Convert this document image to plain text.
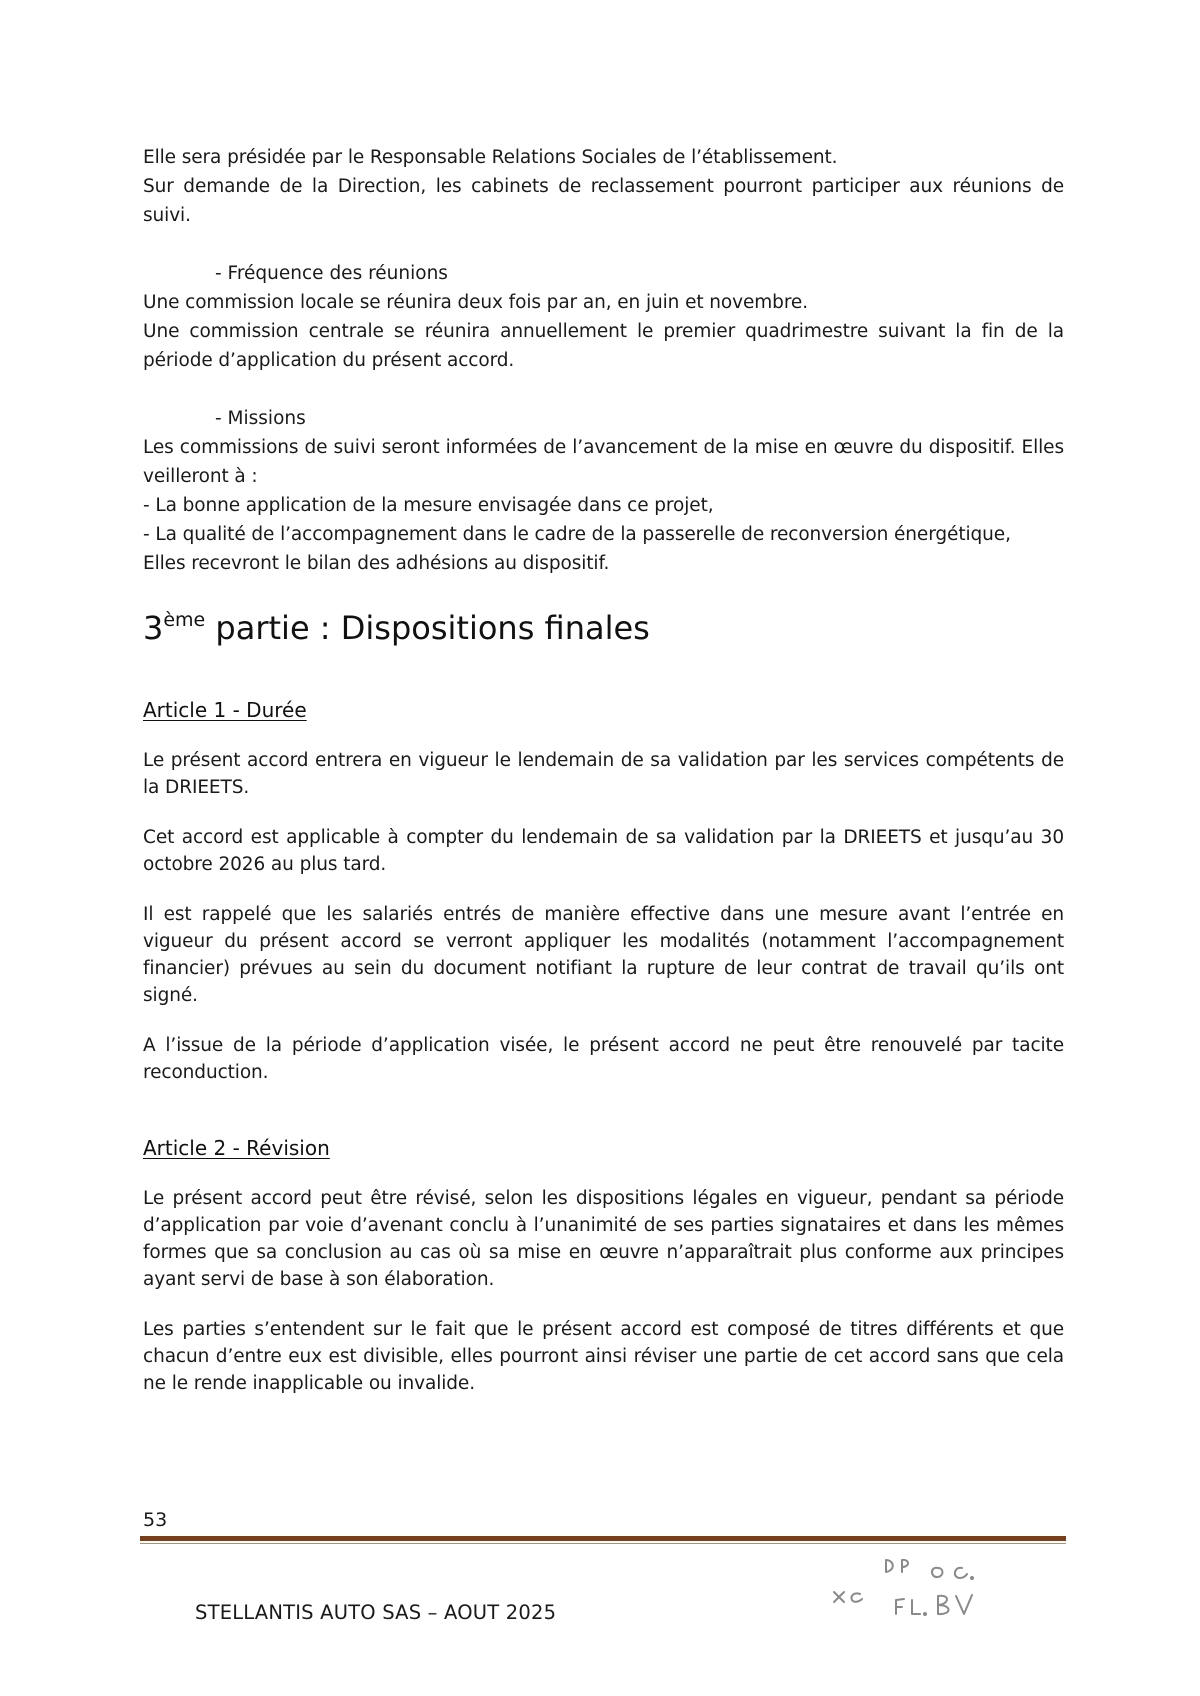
Elle sera présidée par le Responsable Relations Sociales de l’établissement.
Sur demande de la Direction, les cabinets de reclassement pourront participer aux réunions de suivi.

- Fréquence des réunions

Une commission locale se réunira deux fois par an, en juin et novembre.

Une commission centrale se réunira annuellement le premier quadrimestre suivant la fin de la période d’application du présent accord.

- Missions

Les commissions de suivi seront informées de l’avancement de la mise en œuvre du dispositif. Elles veilleront à :

- La bonne application de la mesure envisagée dans ce projet,

- La qualité de l’accompagnement dans le cadre de la passerelle de reconversion énergétique,

Elles recevront le bilan des adhésions au dispositif.

3ème partie : Dispositions finales
Article 1 - Durée

Le présent accord entrera en vigueur le lendemain de sa validation par les services compétents de la DRIEETS.

Cet accord est applicable à compter du lendemain de sa validation par la DRIEETS et jusqu’au 30 octobre 2026 au plus tard.

Il est rappelé que les salariés entrés de manière effective dans une mesure avant l’entrée en vigueur du présent accord se verront appliquer les modalités (notamment l’accompagnement financier) prévues au sein du document notifiant la rupture de leur contrat de travail qu’ils ont signé.

A l’issue de la période d’application visée, le présent accord ne peut être renouvelé par tacite reconduction.

Article 2 - Révision

Le présent accord peut être révisé, selon les dispositions légales en vigueur, pendant sa période d’application par voie d’avenant conclu à l’unanimité de ses parties signataires et dans les mêmes formes que sa conclusion au cas où sa mise en œuvre n’apparaîtrait plus conforme aux principes ayant servi de base à son élaboration.

Les parties s’entendent sur le fait que le présent accord est composé de titres différents et que chacun d’entre eux est divisible, elles pourront ainsi réviser une partie de cet accord sans que cela ne le rende inapplicable ou invalide.

53
STELLANTIS AUTO SAS – AOUT 2025
